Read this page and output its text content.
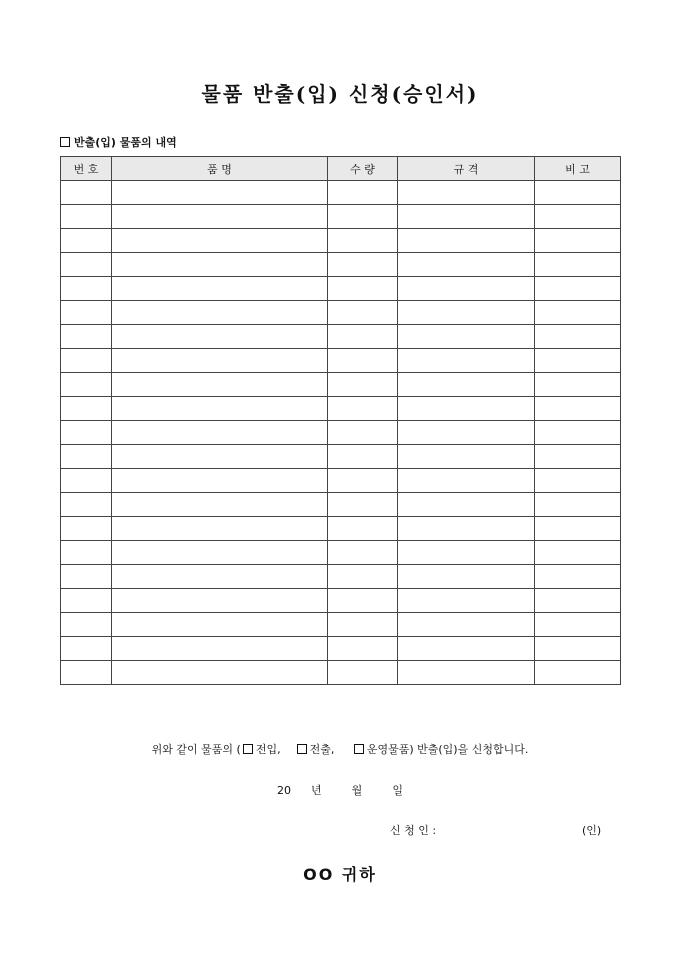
물품 반출(입) 신청(승인서)
반출(입) 물품의 내역
번 호	품 명	수 량	규 격	비 고

위와 같이 물품의 ( 전입,	전출,	운영물품) 반출(입)을 신청합니다.
20 년	월	일
신 청 인 :	(인)
OO 귀하
